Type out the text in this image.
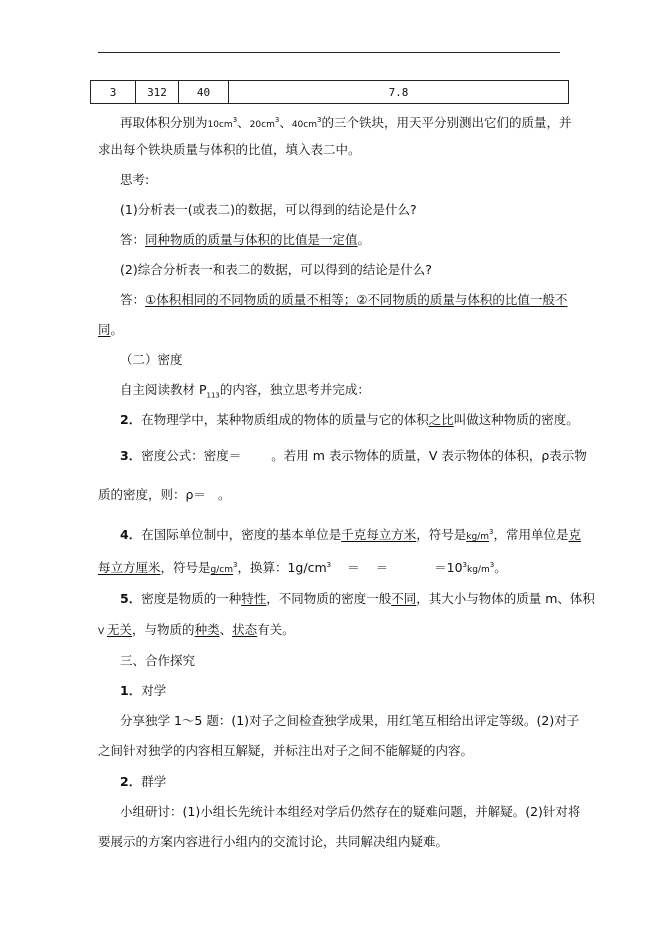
3	312	40	7.8
再取体积分别为$10cm^3$、$20cm^3$、$40cm^3$的三个铁块，用天平分别测出它们的质量，并
求出每个铁块质量与体积的比值，填入表二中。
思考:
(1)分析表一(或表二)的数据，可以得到的结论是什么?
答：同种物质的质量与体积的比值是一定值。
(2)综合分析表一和表二的数据，可以得到的结论是什么?
答：①体积相同的不同物质的质量不相等；②不同物质的质量与体积的比值一般不
同。
（二）密度
自主阅读教材 $P_{113}$的内容，独立思考并完成：
2．在物理学中，某种物质组成的物体的质量与它的体积之比叫做这种物质的密度。
3．密度公式：密度＝ 。若用 m 表示物体的质量，V 表示物体的体积，ρ表示物
质的密度，则：ρ＝ 。
4．在国际单位制中，密度的基本单位是千克每立方米，符号是$kg/m^3$，常用单位是克
每立方厘米，符号是$g/cm^3$，换算：$1g/cm^3$ ＝ ＝	$=10^3kg/m^3$。
5．密度是物质的一种特性，不同物质的密度一般不同，其大小与物体的质量 m、体积
V 无关，与物质的种类、状态有关。
三、合作探究
1．对学
分享独学 1～5 题：(1)对子之间检查独学成果，用红笔互相给出评定等级。(2)对子
之间针对独学的内容相互解疑，并标注出对子之间不能解疑的内容。
2．群学
小组研讨：(1)小组长先统计本组经对学后仍然存在的疑难问题，并解疑。(2)针对将
要展示的方案内容进行小组内的交流讨论，共同解决组内疑难。
